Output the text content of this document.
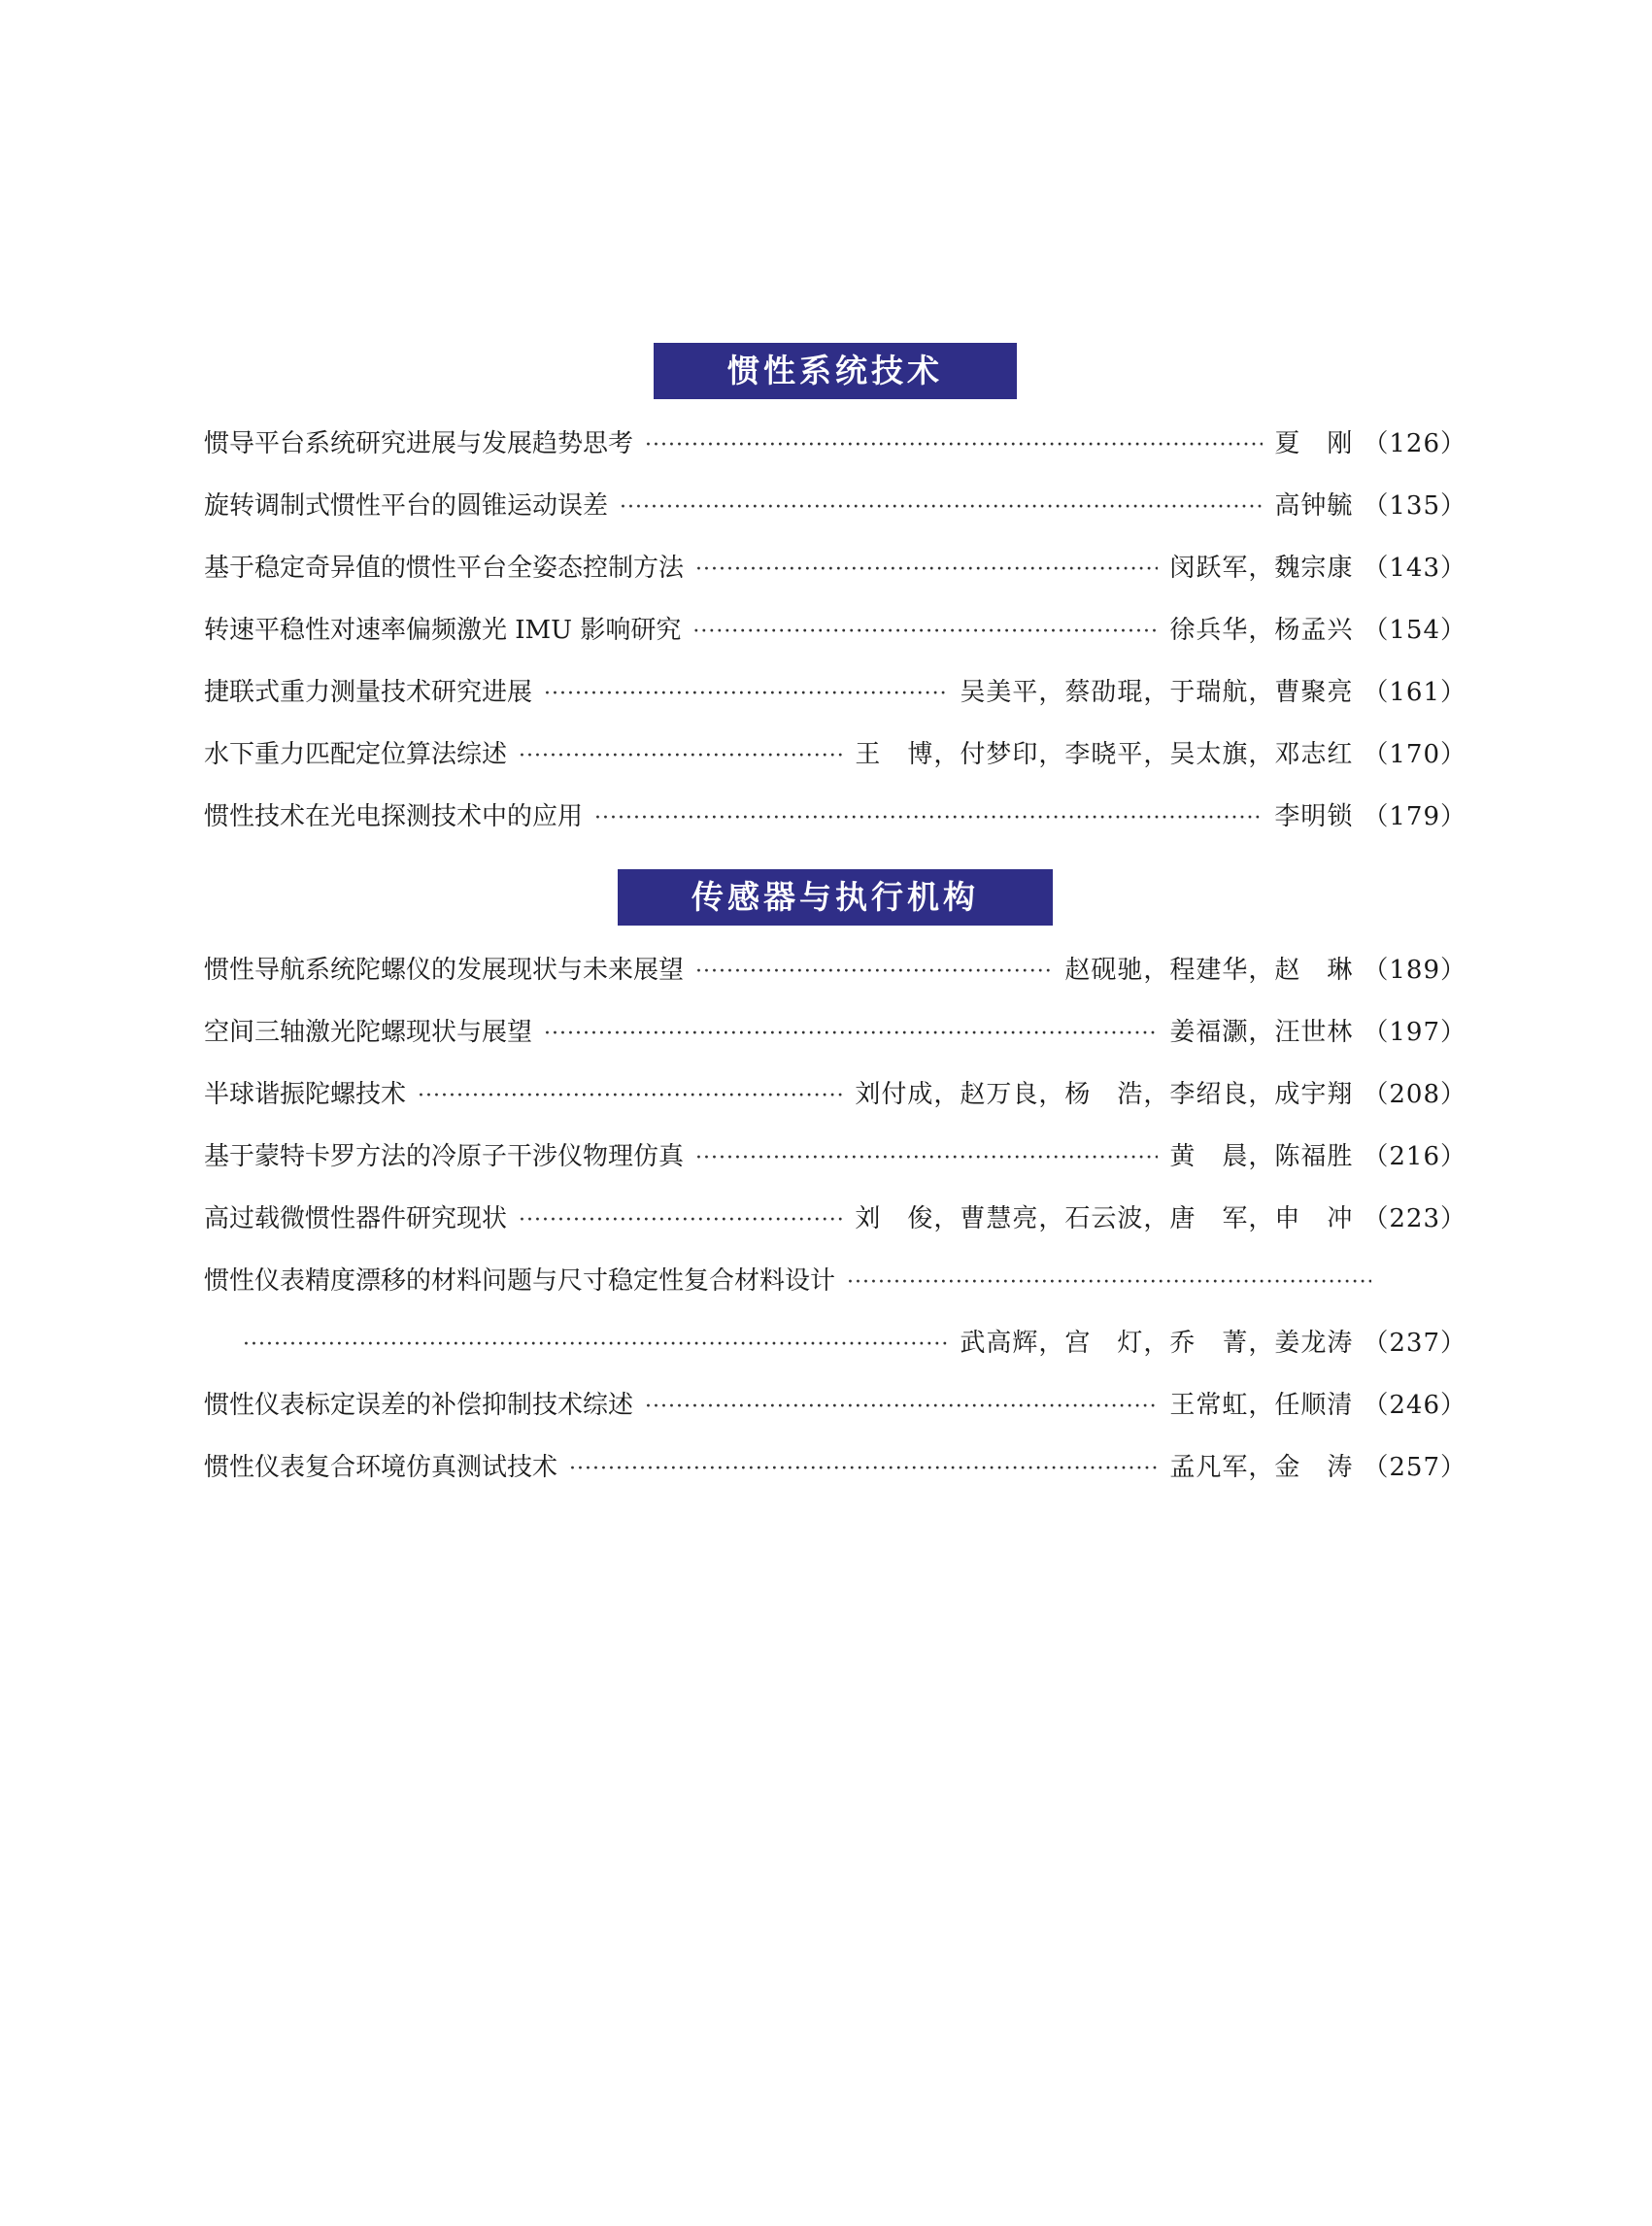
惯性系统技术
惯导平台系统研究进展与发展趋势思考 ·····	夏　刚 （126）
旋转调制式惯性平台的圆锥运动误差 ·····	高钟毓 （135）
基于稳定奇异值的惯性平台全姿态控制方法 ·····	闵跃军，魏宗康 （143）
转速平稳性对速率偏频激光 IMU 影响研究 ·····	徐兵华，杨孟兴 （154）
捷联式重力测量技术研究进展 ·····	吴美平，蔡劭琨，于瑞航，曹聚亮 （161）
水下重力匹配定位算法综述 ·····	王　博，付梦印，李晓平，吴太旗，邓志红 （170）
惯性技术在光电探测技术中的应用 ·····	李明锁 （179）
传感器与执行机构
惯性导航系统陀螺仪的发展现状与未来展望 ·····	赵砚驰，程建华，赵　琳 （189）
空间三轴激光陀螺现状与展望 ·····	姜福灏，汪世林 （197）
半球谐振陀螺技术 ·····	刘付成，赵万良，杨　浩，李绍良，成宇翔 （208）
基于蒙特卡罗方法的冷原子干涉仪物理仿真 ·····	黄　晨，陈福胜 （216）
高过载微惯性器件研究现状 ·····	刘　俊，曹慧亮，石云波，唐　军，申　冲 （223）
惯性仪表精度漂移的材料问题与尺寸稳定性复合材料设计
·····
·····
武高辉，宫　灯，乔　菁，姜龙涛 （237）
惯性仪表标定误差的补偿抑制技术综述 ·····	王常虹，任顺清 （246）
惯性仪表复合环境仿真测试技术 ·····	孟凡军，金　涛 （257）
